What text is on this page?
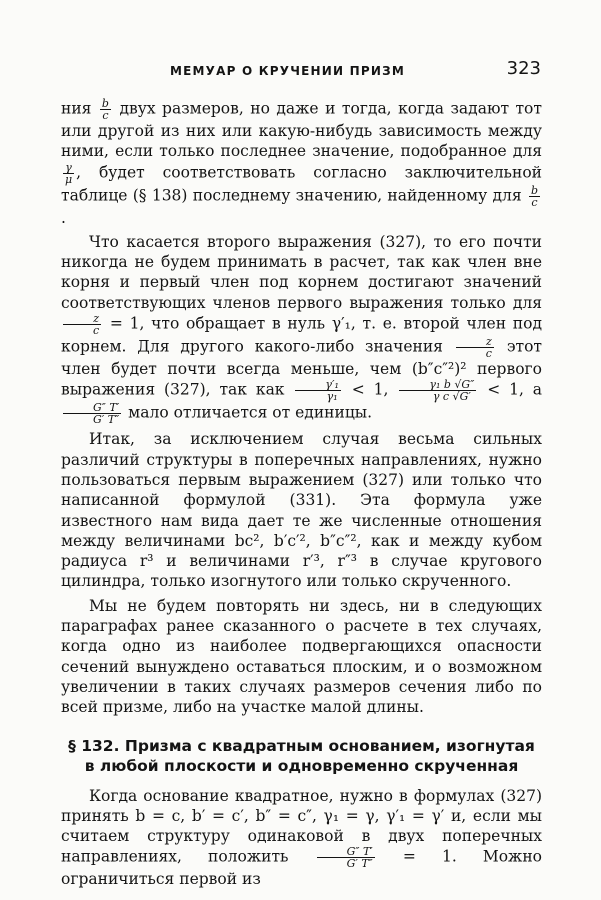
МЕМУАР О КРУЧЕНИИ ПРИЗМ	323

ния $\frac{b}{c}$ двух размеров, но даже и тогда, когда задают тот или другой из них или какую-нибудь зависимость между ними, если только последнее значение, подобранное для
$\frac{\gamma}{\mu}$ , будет соответствовать согласно заключительной таблице (§ 138) последнему значению, найденному для $\frac{b}{c}$
.

Что касается второго выражения (327), то его почти никогда не будем принимать в расчет, так как член вне корня и первый член под корнем достигают значений соответствующих членов первого выражения только для
$\frac{z}{c} = 1$, что обращает в нуль γ′₁, т. е. второй член под корнем. Для другого какого-либо значения $\frac{z}{c}$ этот член будет почти всегда меньше, чем (b″c″²)² первого выражения (327), так как $\frac{\text{γ′₁}}{\text{γ₁}} < 1$, $\frac{\text{γ₁ b √G″}}{\text{γ c √G′}} < 1$, а
$\frac{G'' T'}{G' T''}$ мало отличается от единицы.

Итак, за исключением случая весьма сильных различий структуры в поперечных направлениях, нужно пользоваться первым выражением (327) или только что написанной формулой (331). Эта формула уже известного нам вида дает те же численные отношения между величинами bc², b′c′², b″c″², как и между кубом радиуса r³ и величинами r′³, r″³ в случае кругового цилиндра, только изогнутого или только скрученного.

Мы не будем повторять ни здесь, ни в следующих параграфах ранее сказанного о расчете в тех случаях, когда одно из наиболее подвергающихся опасности сечений вынуждено оставаться плоским, и о возможном увеличении в таких случаях размеров сечения либо по всей призме, либо на участке малой длины.

§ 132. Призма с квадратным основанием, изогнутая
в любой плоскости и одновременно скрученная

Когда основание квадратное, нужно в формулах (327) принять b = c, b′ = c′, b″ = c″, γ₁ = γ, γ′₁ = γ′ и, если мы считаем структуру одинаковой в двух поперечных направлениях, положить	$\frac{G'' T'}{G' T''} = 1$. Можно ограничиться первой из
